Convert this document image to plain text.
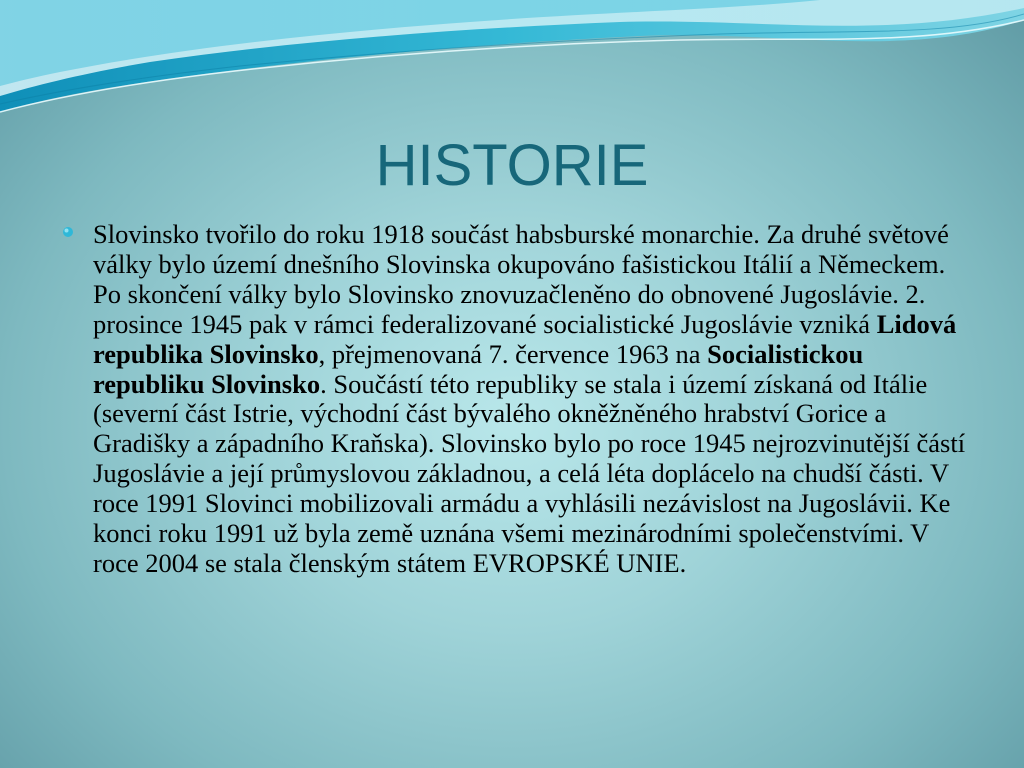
HISTORIE
Slovinsko tvořilo do roku 1918 součást habsburské monarchie. Za druhé světové války bylo území dnešního Slovinska okupováno fašistickou Itálií a Německem. Po skončení války bylo Slovinsko znovuzačleněno do obnovené Jugoslávie. 2. prosince 1945 pak v rámci federalizované socialistické Jugoslávie vzniká Lidová republika Slovinsko, přejmenovaná 7. července 1963 na Socialistickou republiku Slovinsko. Součástí této republiky se stala i území získaná od Itálie (severní část Istrie, východní část bývalého okněžněného hrabství Gorice a Gradišky a západního Kraňska). Slovinsko bylo po roce 1945 nejrozvinutější částí Jugoslávie a její průmyslovou základnou, a celá léta doplácelo na chudší části. V roce 1991 Slovinci mobilizovali armádu a vyhlásili nezávislost na Jugoslávii. Ke konci roku 1991 už byla země uznána všemi mezinárodními společenstvími. V roce 2004 se stala členským státem EVROPSKÉ UNIE.
